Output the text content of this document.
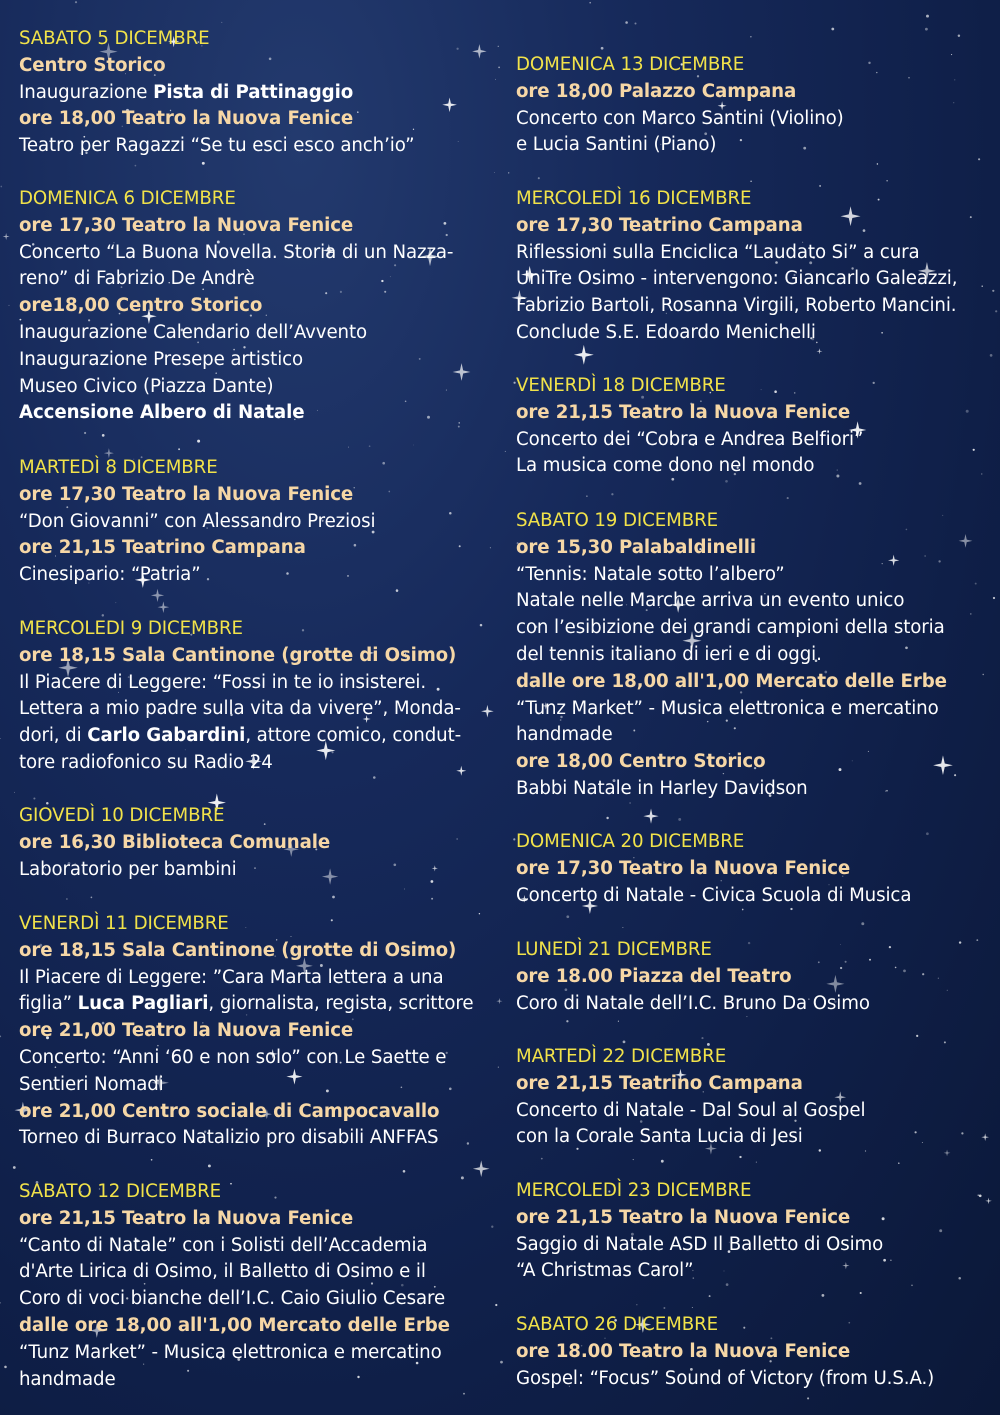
SABATO 5 DICEMBRE
Centro Storico
Inaugurazione Pista di Pattinaggio
ore 18,00 Teatro la Nuova Fenice
Teatro per Ragazzi “Se tu esci esco anch’io”
DOMENICA 6 DICEMBRE
ore 17,30 Teatro la Nuova Fenice
Concerto “La Buona Novella. Storia di un Nazza-
reno” di Fabrizio De Andrè
ore18,00 Centro Storico
Inaugurazione Calendario dell’Avvento
Inaugurazione Presepe artistico
Museo Civico (Piazza Dante)
Accensione Albero di Natale
MARTEDÌ 8 DICEMBRE
ore 17,30 Teatro la Nuova Fenice
“Don Giovanni” con Alessandro Preziosi
ore 21,15 Teatrino Campana
Cinesipario: “Patria”
MERCOLEDI 9 DICEMBRE
ore 18,15 Sala Cantinone (grotte di Osimo)
Il Piacere di Leggere: “Fossi in te io insisterei.
Lettera a mio padre sulla vita da vivere”, Monda-
dori, di Carlo Gabardini, attore comico, condut-
tore radiofonico su Radio 24
GIOVEDÌ 10 DICEMBRE
ore 16,30 Biblioteca Comunale
Laboratorio per bambini
VENERDÌ 11 DICEMBRE
ore 18,15 Sala Cantinone (grotte di Osimo)
Il Piacere di Leggere: ”Cara Marta lettera a una
figlia” Luca Pagliari, giornalista, regista, scrittore
ore 21,00 Teatro la Nuova Fenice
Concerto: “Anni ‘60 e non solo” con Le Saette e
Sentieri Nomadi
ore 21,00 Centro sociale di Campocavallo
Torneo di Burraco Natalizio pro disabili ANFFAS
SABATO 12 DICEMBRE
ore 21,15 Teatro la Nuova Fenice
“Canto di Natale” con i Solisti dell’Accademia
d'Arte Lirica di Osimo, il Balletto di Osimo e il
Coro di voci bianche dell’I.C. Caio Giulio Cesare
dalle ore 18,00 all'1,00 Mercato delle Erbe
“Tunz Market” - Musica elettronica e mercatino
handmade
DOMENICA 13 DICEMBRE
ore 18,00 Palazzo Campana
Concerto con Marco Santini (Violino)
e Lucia Santini (Piano)
MERCOLEDÌ 16 DICEMBRE
ore 17,30 Teatrino Campana
Riflessioni sulla Enciclica “Laudato Si” a cura
UniTre Osimo - intervengono: Giancarlo Galeazzi,
Fabrizio Bartoli, Rosanna Virgili, Roberto Mancini.
Conclude S.E. Edoardo Menichelli
VENERDÌ 18 DICEMBRE
ore 21,15 Teatro la Nuova Fenice
Concerto dei “Cobra e Andrea Belfiori”
La musica come dono nel mondo
SABATO 19 DICEMBRE
ore 15,30 Palabaldinelli
“Tennis: Natale sotto l’albero”
Natale nelle Marche arriva un evento unico
con l’esibizione dei grandi campioni della storia
del tennis italiano di ieri e di oggi.
dalle ore 18,00 all'1,00 Mercato delle Erbe
“Tunz Market” - Musica elettronica e mercatino
handmade
ore 18,00 Centro Storico
Babbi Natale in Harley Davidson
DOMENICA 20 DICEMBRE
ore 17,30 Teatro la Nuova Fenice
Concerto di Natale - Civica Scuola di Musica
LUNEDÌ 21 DICEMBRE
ore 18.00 Piazza del Teatro
Coro di Natale dell’I.C. Bruno Da Osimo
MARTEDÌ 22 DICEMBRE
ore 21,15 Teatrino Campana
Concerto di Natale - Dal Soul al Gospel
con la Corale Santa Lucia di Jesi
MERCOLEDÌ 23 DICEMBRE
ore 21,15 Teatro la Nuova Fenice
Saggio di Natale ASD Il Balletto di Osimo
“A Christmas Carol”
SABATO 26 DICEMBRE
ore 18.00 Teatro la Nuova Fenice
Gospel: “Focus” Sound of Victory (from U.S.A.)
